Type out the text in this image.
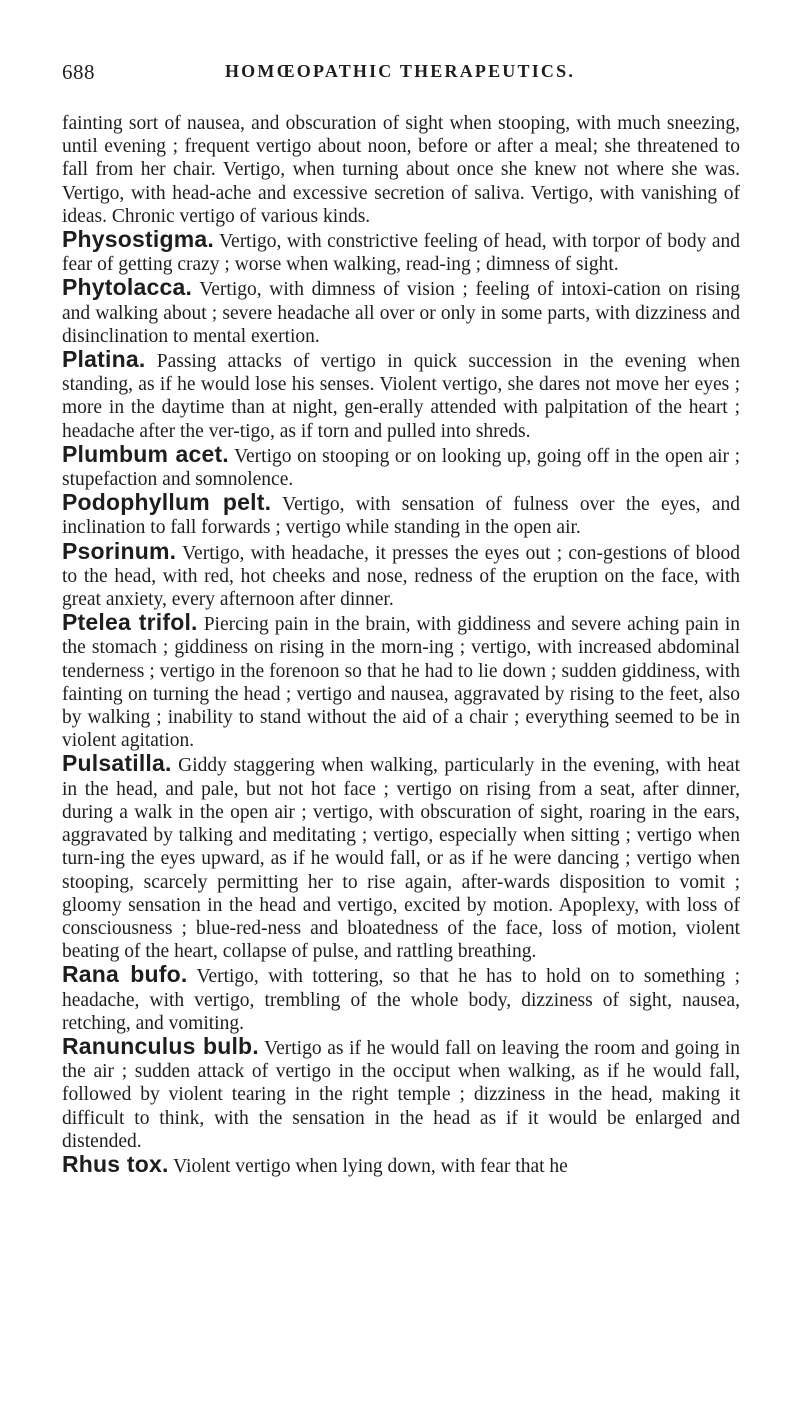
688	HOMŒOPATHIC THERAPEUTICS.

fainting sort of nausea, and obscuration of sight when stooping, with much sneezing, until evening ; frequent vertigo about noon, before or after a meal; she threatened to fall from her chair. Vertigo, when turning about once she knew not where she was. Vertigo, with head-ache and excessive secretion of saliva. Vertigo, with vanishing of ideas. Chronic vertigo of various kinds.

Physostigma. Vertigo, with constrictive feeling of head, with torpor of body and fear of getting crazy ; worse when walking, read-ing ; dimness of sight.

Phytolacca. Vertigo, with dimness of vision ; feeling of intoxi-cation on rising and walking about ; severe headache all over or only in some parts, with dizziness and disinclination to mental exertion.

Platina. Passing attacks of vertigo in quick succession in the evening when standing, as if he would lose his senses. Violent vertigo, she dares not move her eyes ; more in the daytime than at night, gen-erally attended with palpitation of the heart ; headache after the ver-tigo, as if torn and pulled into shreds.

Plumbum acet. Vertigo on stooping or on looking up, going off in the open air ; stupefaction and somnolence.

Podophyllum pelt. Vertigo, with sensation of fulness over the eyes, and inclination to fall forwards ; vertigo while standing in the open air.

Psorinum. Vertigo, with headache, it presses the eyes out ; con-gestions of blood to the head, with red, hot cheeks and nose, redness of the eruption on the face, with great anxiety, every afternoon after dinner.

Ptelea trifol. Piercing pain in the brain, with giddiness and severe aching pain in the stomach ; giddiness on rising in the morn-ing ; vertigo, with increased abdominal tenderness ; vertigo in the forenoon so that he had to lie down ; sudden giddiness, with fainting on turning the head ; vertigo and nausea, aggravated by rising to the feet, also by walking ; inability to stand without the aid of a chair ; everything seemed to be in violent agitation.

Pulsatilla. Giddy staggering when walking, particularly in the evening, with heat in the head, and pale, but not hot face ; vertigo on rising from a seat, after dinner, during a walk in the open air ; vertigo, with obscuration of sight, roaring in the ears, aggravated by talking and meditating ; vertigo, especially when sitting ; vertigo when turn-ing the eyes upward, as if he would fall, or as if he were dancing ; vertigo when stooping, scarcely permitting her to rise again, after-wards disposition to vomit ; gloomy sensation in the head and vertigo, excited by motion. Apoplexy, with loss of consciousness ; blue-red-ness and bloatedness of the face, loss of motion, violent beating of the heart, collapse of pulse, and rattling breathing.

Rana bufo. Vertigo, with tottering, so that he has to hold on to something ; headache, with vertigo, trembling of the whole body, dizziness of sight, nausea, retching, and vomiting.

Ranunculus bulb. Vertigo as if he would fall on leaving the room and going in the air ; sudden attack of vertigo in the occiput when walking, as if he would fall, followed by violent tearing in the right temple ; dizziness in the head, making it difficult to think, with the sensation in the head as if it would be enlarged and distended.

Rhus tox. Violent vertigo when lying down, with fear that he
